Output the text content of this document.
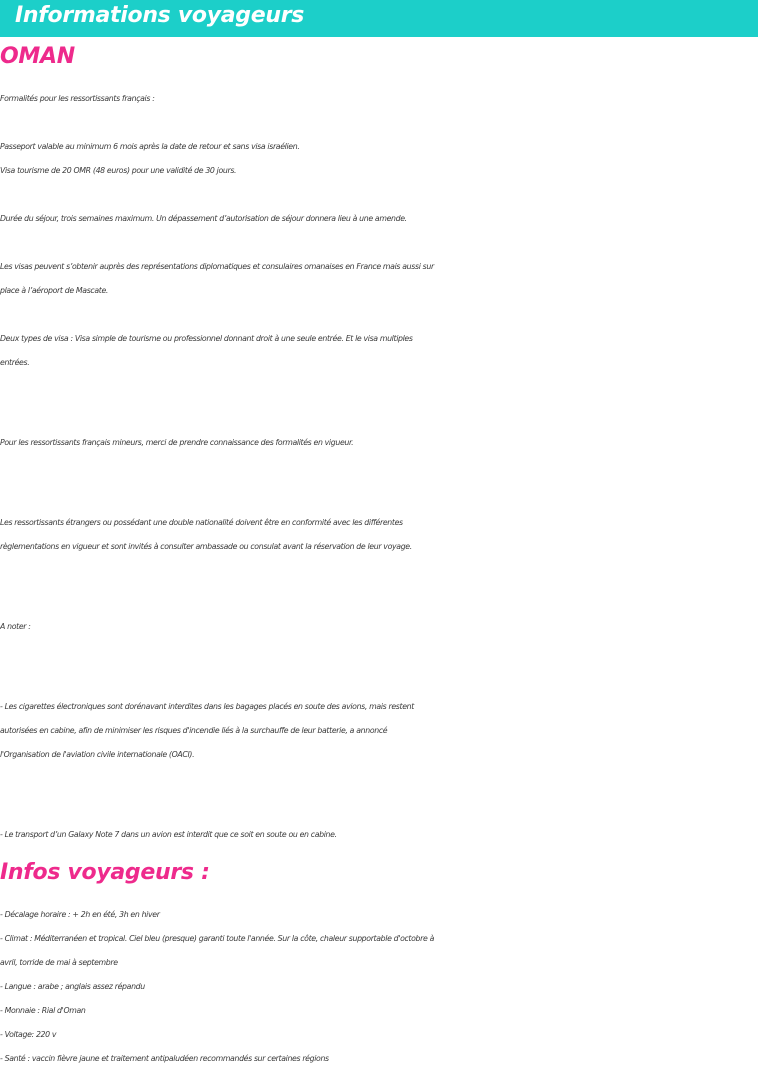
Informations voyageurs
OMAN

Formalités pour les ressortissants français :

Passeport valable au minimum 6 mois après la date de retour et sans visa israélien.

Visa tourisme de 20 OMR (48 euros) pour une validité de 30 jours.

Durée du séjour, trois semaines maximum. Un dépassement d’autorisation de séjour donnera lieu à une amende.

Les visas peuvent s’obtenir auprès des représentations diplomatiques et consulaires omanaises en France mais aussi sur

place à l’aéroport de Mascate.

Deux types de visa : Visa simple de tourisme ou professionnel donnant droit à une seule entrée. Et le visa multiples

entrées.

Pour les ressortissants français mineurs, merci de prendre connaissance des formalités en vigueur.

Les ressortissants étrangers ou possédant une double nationalité doivent être en conformité avec les différentes

règlementations en vigueur et sont invités à consulter ambassade ou consulat avant la réservation de leur voyage.

A noter :

- Les cigarettes électroniques sont dorénavant interdites dans les bagages placés en soute des avions, mais restent

autorisées en cabine, afin de minimiser les risques d'incendie liés à la surchauffe de leur batterie, a annoncé

l'Organisation de l'aviation civile internationale (OACI).

- Le transport d’un Galaxy Note 7 dans un avion est interdit que ce soit en soute ou en cabine.

Infos voyageurs :

- Décalage horaire : + 2h en été, 3h en hiver

- Climat : Méditerranéen et tropical. Ciel bleu (presque) garanti toute l'année. Sur la côte, chaleur supportable d'octobre à

avril, torride de mai à septembre

- Langue : arabe ; anglais assez répandu

- Monnaie : Rial d'Oman

- Voltage: 220 v

- Santé : vaccin fièvre jaune et traitement antipaludéen recommandés sur certaines régions
